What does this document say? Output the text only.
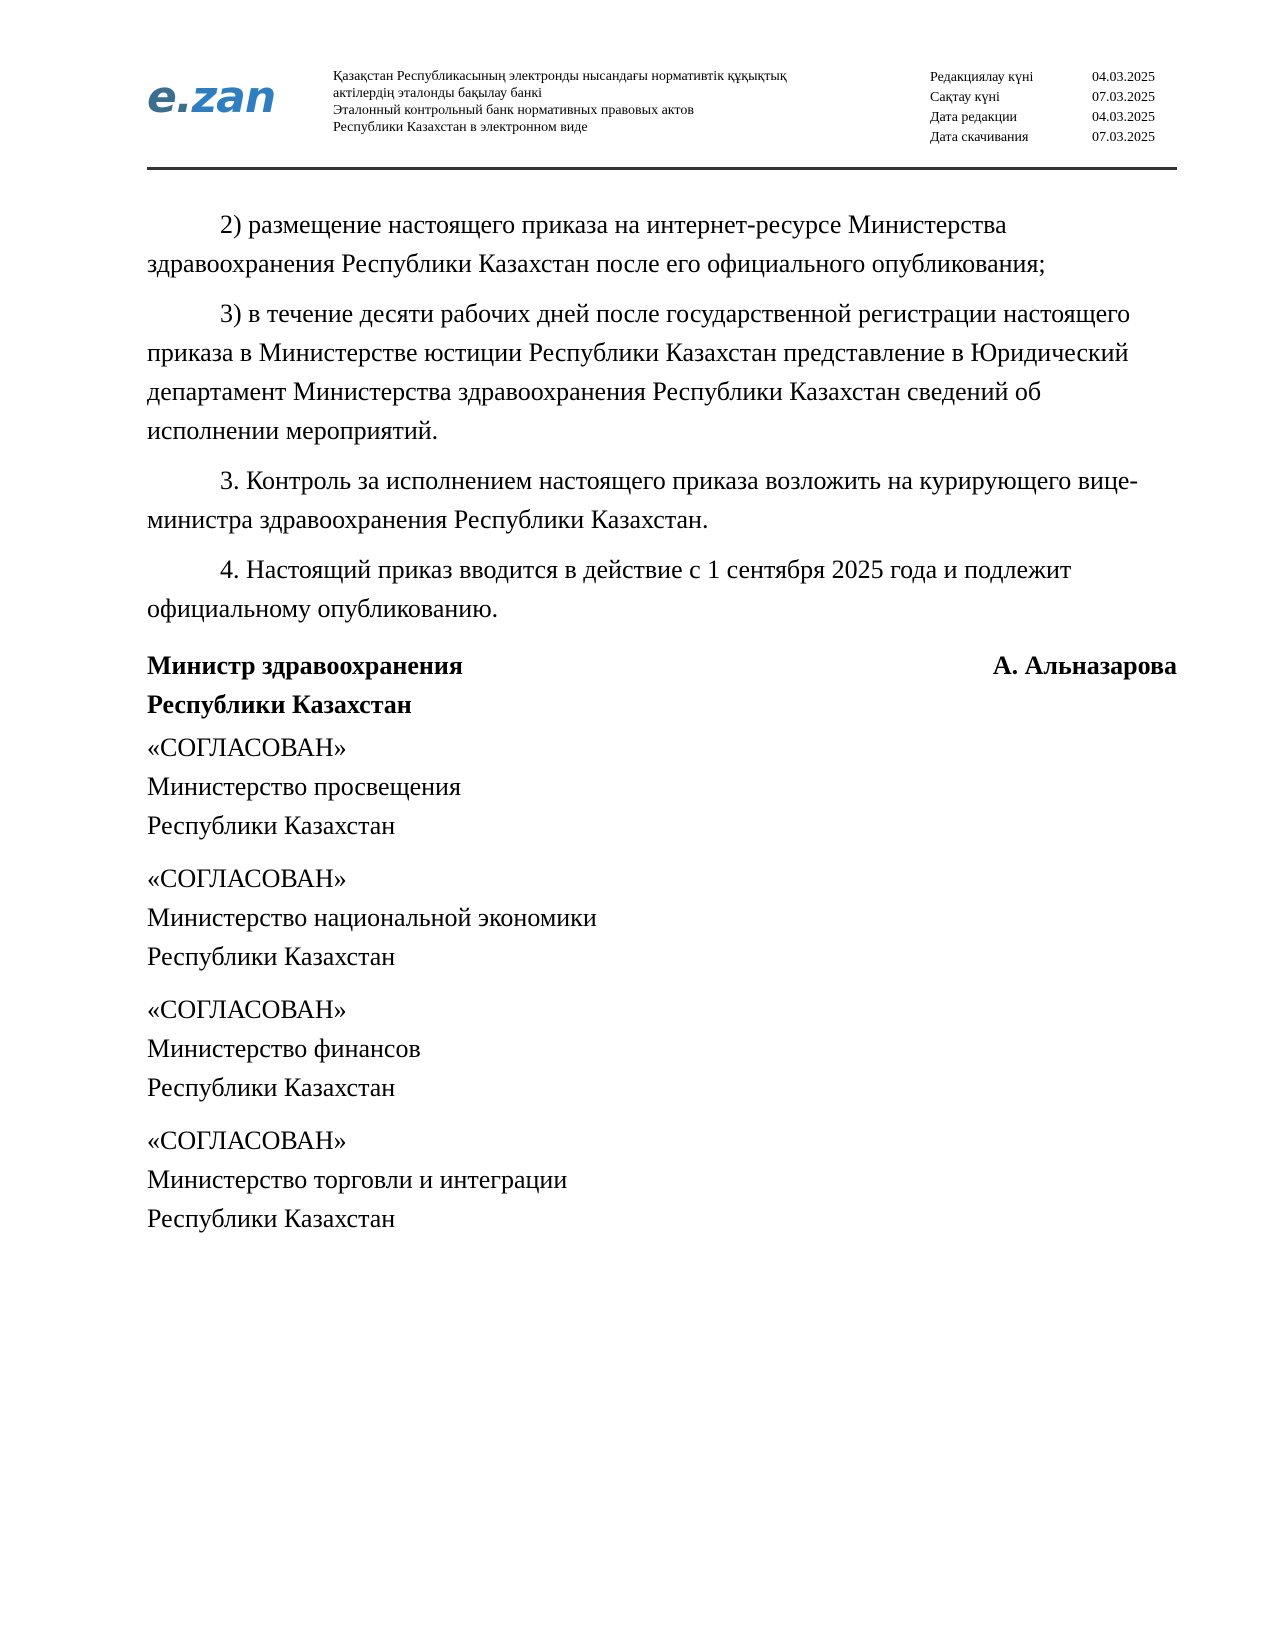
e.zan	Қазақстан Республикасының электронды нысандағы нормативтік құқықтық
актілердің эталонды бақылау банкі
Эталонный контрольный банк нормативных правовых актов
Республики Казахстан в электронном виде
Редакциялау күні	04.03.2025
Сақтау күні	07.03.2025
Дата редакции	04.03.2025
Дата скачивания	07.03.2025

2) размещение настоящего приказа на интернет-ресурсе Министерства здравоохранения Республики Казахстан после его официального опубликования;

3) в течение десяти рабочих дней после государственной регистрации настоящего приказа в Министерстве юстиции Республики Казахстан представление в Юридический департамент Министерства здравоохранения Республики Казахстан сведений об исполнении мероприятий.

3. Контроль за исполнением настоящего приказа возложить на курирующего вице-министра здравоохранения Республики Казахстан.

4. Настоящий приказ вводится в действие с 1 сентября 2025 года и подлежит официальному опубликованию.

Министр здравоохранения	А. Альназарова
Республики Казахстан
«СОГЛАСОВАН»
Министерство просвещения
Республики Казахстан
«СОГЛАСОВАН»
Министерство национальной экономики
Республики Казахстан
«СОГЛАСОВАН»
Министерство финансов
Республики Казахстан
«СОГЛАСОВАН»
Министерство торговли и интеграции
Республики Казахстан
